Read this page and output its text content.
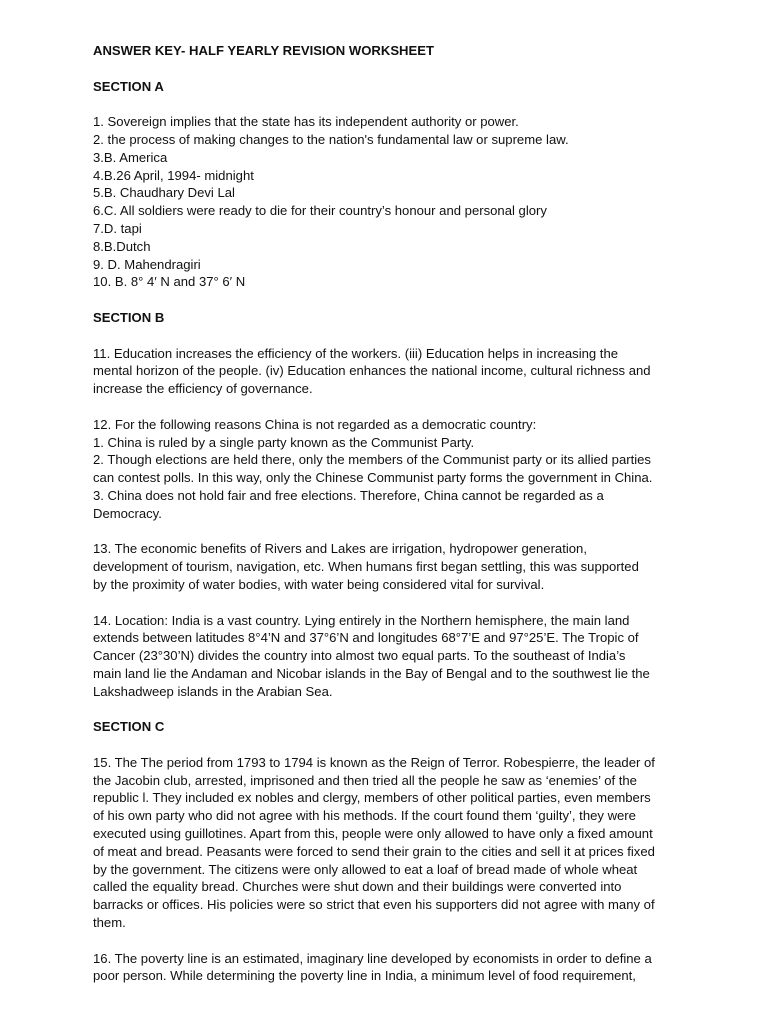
ANSWER KEY- HALF YEARLY REVISION WORKSHEET

SECTION A

1. Sovereign implies that the state has its independent authority or power.

2. the process of making changes to the nation's fundamental law or supreme law.

3.B. America

4.B.26 April, 1994- midnight

5.B. Chaudhary Devi Lal

6.C. All soldiers were ready to die for their country’s honour and personal glory

7.D. tapi

8.B.Dutch

9. D. Mahendragiri

10. B. 8° 4′ N and 37° 6′ N

SECTION B

11. Education increases the efficiency of the workers. (iii) Education helps in increasing the

mental horizon of the people. (iv) Education enhances the national income, cultural richness and

increase the efficiency of governance.

12. For the following reasons China is not regarded as a democratic country:

1. China is ruled by a single party known as the Communist Party.

2. Though elections are held there, only the members of the Communist party or its allied parties

can contest polls. In this way, only the Chinese Communist party forms the government in China.

3. China does not hold fair and free elections. Therefore, China cannot be regarded as a

Democracy.

13. The economic benefits of Rivers and Lakes are irrigation, hydropower generation,

development of tourism, navigation, etc. When humans first began settling, this was supported

by the proximity of water bodies, with water being considered vital for survival.

14. Location: India is a vast country. Lying entirely in the Northern hemisphere, the main land

extends between latitudes 8°4’N and 37°6’N and longitudes 68°7’E and 97°25’E. The Tropic of

Cancer (23°30’N) divides the country into almost two equal parts. To the southeast of India’s

main land lie the Andaman and Nicobar islands in the Bay of Bengal and to the southwest lie the

Lakshadweep islands in the Arabian Sea.

SECTION C

15. The The period from 1793 to 1794 is known as the Reign of Terror. Robespierre, the leader of

the Jacobin club, arrested, imprisoned and then tried all the people he saw as ‘enemies’ of the

republic l. They included ex nobles and clergy, members of other political parties, even members

of his own party who did not agree with his methods. If the court found them ‘guilty’, they were

executed using guillotines. Apart from this, people were only allowed to have only a fixed amount

of meat and bread. Peasants were forced to send their grain to the cities and sell it at prices fixed

by the government. The citizens were only allowed to eat a loaf of bread made of whole wheat

called the equality bread. Churches were shut down and their buildings were converted into

barracks or offices. His policies were so strict that even his supporters did not agree with many of

them.

16. The poverty line is an estimated, imaginary line developed by economists in order to define a

poor person. While determining the poverty line in India, a minimum level of food requirement,
